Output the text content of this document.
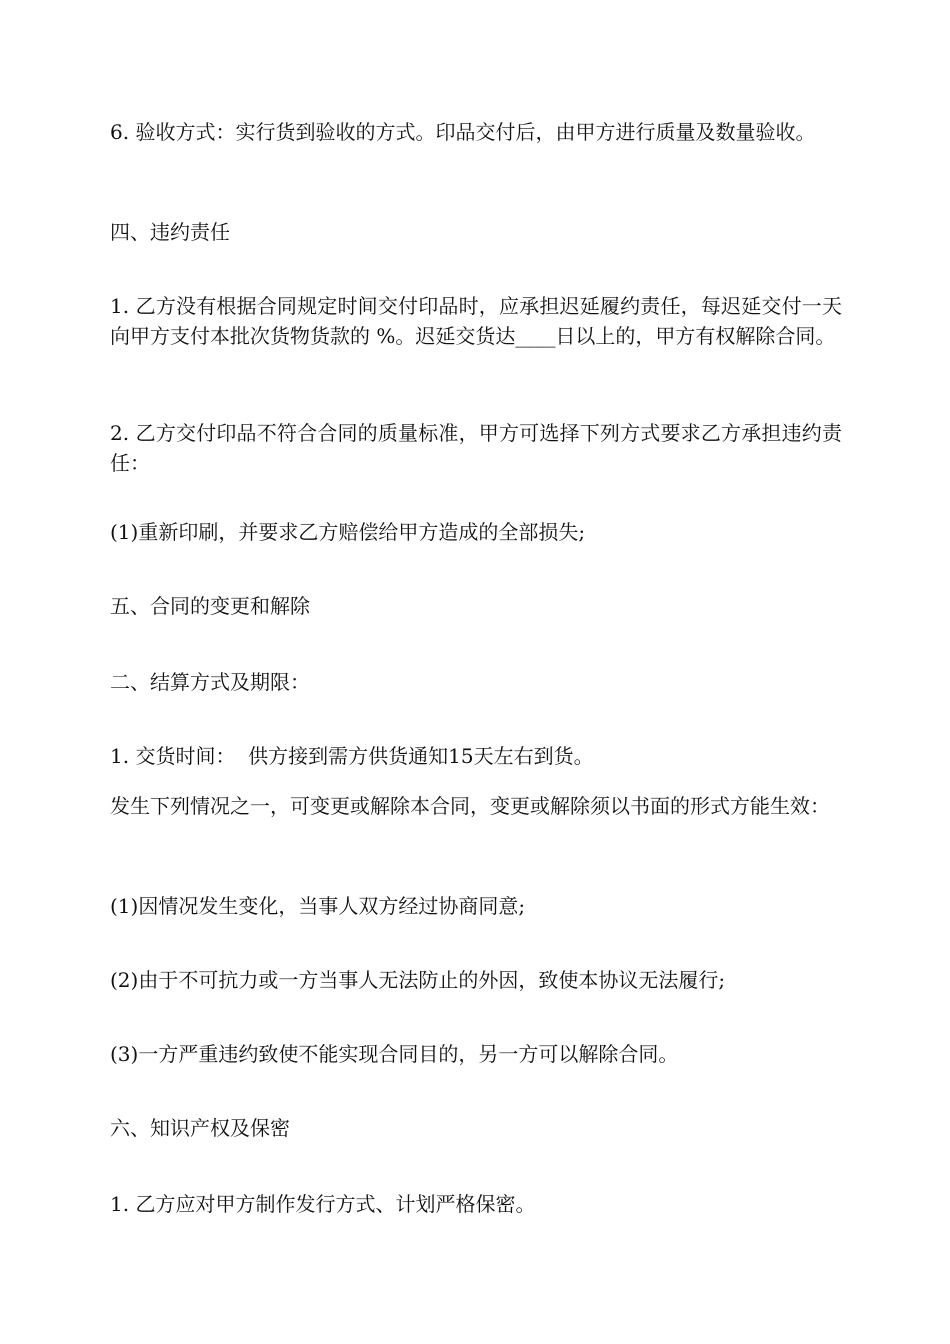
6. 验收方式：实行货到验收的方式。印品交付后，由甲方进行质量及数量验收。

四、违约责任

1. 乙方没有根据合同规定时间交付印品时，应承担迟延履约责任，每迟延交付一天向甲方支付本批次货物货款的 %。迟延交货达____日以上的，甲方有权解除合同。

2. 乙方交付印品不符合合同的质量标准，甲方可选择下列方式要求乙方承担违约责任：

(1)重新印刷，并要求乙方赔偿给甲方造成的全部损失;

五、合同的变更和解除

二、结算方式及期限：

1. 交货时间：  供方接到需方供货通知15天左右到货。

发生下列情况之一，可变更或解除本合同，变更或解除须以书面的形式方能生效：

(1)因情况发生变化，当事人双方经过协商同意;

(2)由于不可抗力或一方当事人无法防止的外因，致使本协议无法履行;

(3)一方严重违约致使不能实现合同目的，另一方可以解除合同。

六、知识产权及保密

1. 乙方应对甲方制作发行方式、计划严格保密。
